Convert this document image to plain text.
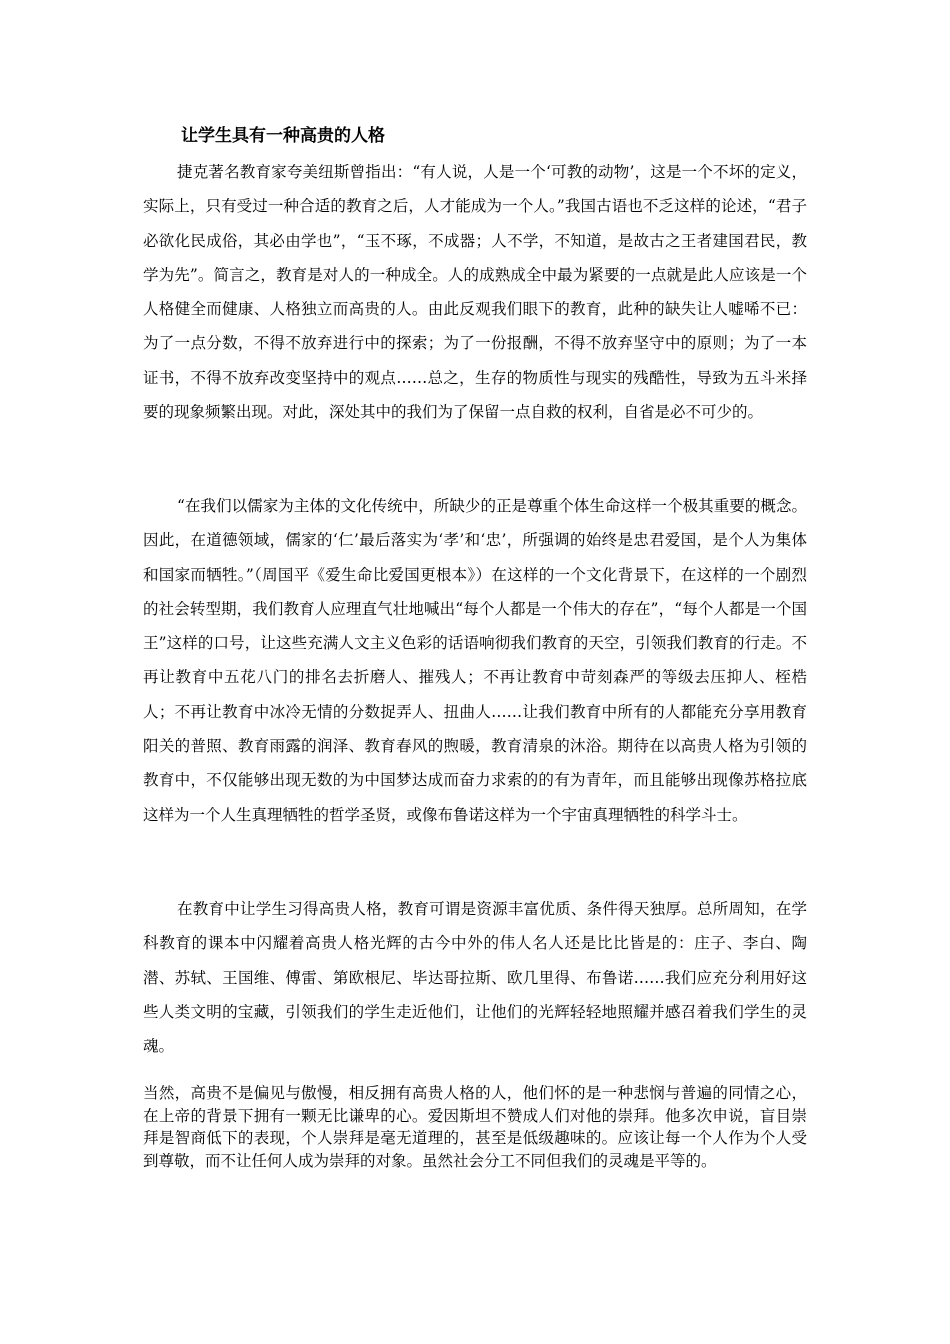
让学生具有一种高贵的人格

捷克著名教育家夸美纽斯曾指出：“有人说，人是一个‘可教的动物’，这是一个不坏的定义，实际上，只有受过一种合适的教育之后，人才能成为一个人。”我国古语也不乏这样的论述，“君子必欲化民成俗，其必由学也”，“玉不琢，不成器；人不学，不知道，是故古之王者建国君民，教学为先”。简言之，教育是对人的一种成全。人的成熟成全中最为紧要的一点就是此人应该是一个人格健全而健康、人格独立而高贵的人。由此反观我们眼下的教育，此种的缺失让人嘘唏不已：为了一点分数，不得不放弃进行中的探索；为了一份报酬，不得不放弃坚守中的原则；为了一本证书，不得不放弃改变坚持中的观点……总之，生存的物质性与现实的残酷性，导致为五斗米择要的现象频繁出现。对此，深处其中的我们为了保留一点自救的权利，自省是必不可少的。

“在我们以儒家为主体的文化传统中，所缺少的正是尊重个体生命这样一个极其重要的概念。因此，在道德领域，儒家的‘仁’最后落实为‘孝’和‘忠’，所强调的始终是忠君爱国，是个人为集体和国家而牺牲。”（周国平《爱生命比爱国更根本》）在这样的一个文化背景下，在这样的一个剧烈的社会转型期，我们教育人应理直气壮地喊出“每个人都是一个伟大的存在”，“每个人都是一个国王”这样的口号，让这些充满人文主义色彩的话语响彻我们教育的天空，引领我们教育的行走。不再让教育中五花八门的排名去折磨人、摧残人；不再让教育中苛刻森严的等级去压抑人、桎梏人；不再让教育中冰冷无情的分数捉弄人、扭曲人……让我们教育中所有的人都能充分享用教育阳关的普照、教育雨露的润泽、教育春风的煦暖，教育清泉的沐浴。期待在以高贵人格为引领的教育中，不仅能够出现无数的为中国梦达成而奋力求索的的有为青年，而且能够出现像苏格拉底这样为一个人生真理牺牲的哲学圣贤，或像布鲁诺这样为一个宇宙真理牺牲的科学斗士。

在教育中让学生习得高贵人格，教育可谓是资源丰富优质、条件得天独厚。总所周知，在学科教育的课本中闪耀着高贵人格光辉的古今中外的伟人名人还是比比皆是的：庄子、李白、陶潜、苏轼、王国维、傅雷、第欧根尼、毕达哥拉斯、欧几里得、布鲁诺……我们应充分利用好这些人类文明的宝藏，引领我们的学生走近他们，让他们的光辉轻轻地照耀并感召着我们学生的灵魂。

当然，高贵不是偏见与傲慢，相反拥有高贵人格的人，他们怀的是一种悲悯与普遍的同情之心，在上帝的背景下拥有一颗无比谦卑的心。爱因斯坦不赞成人们对他的崇拜。他多次申说，盲目崇拜是智商低下的表现，个人崇拜是毫无道理的，甚至是低级趣味的。应该让每一个人作为个人受到尊敬，而不让任何人成为崇拜的对象。虽然社会分工不同但我们的灵魂是平等的。
